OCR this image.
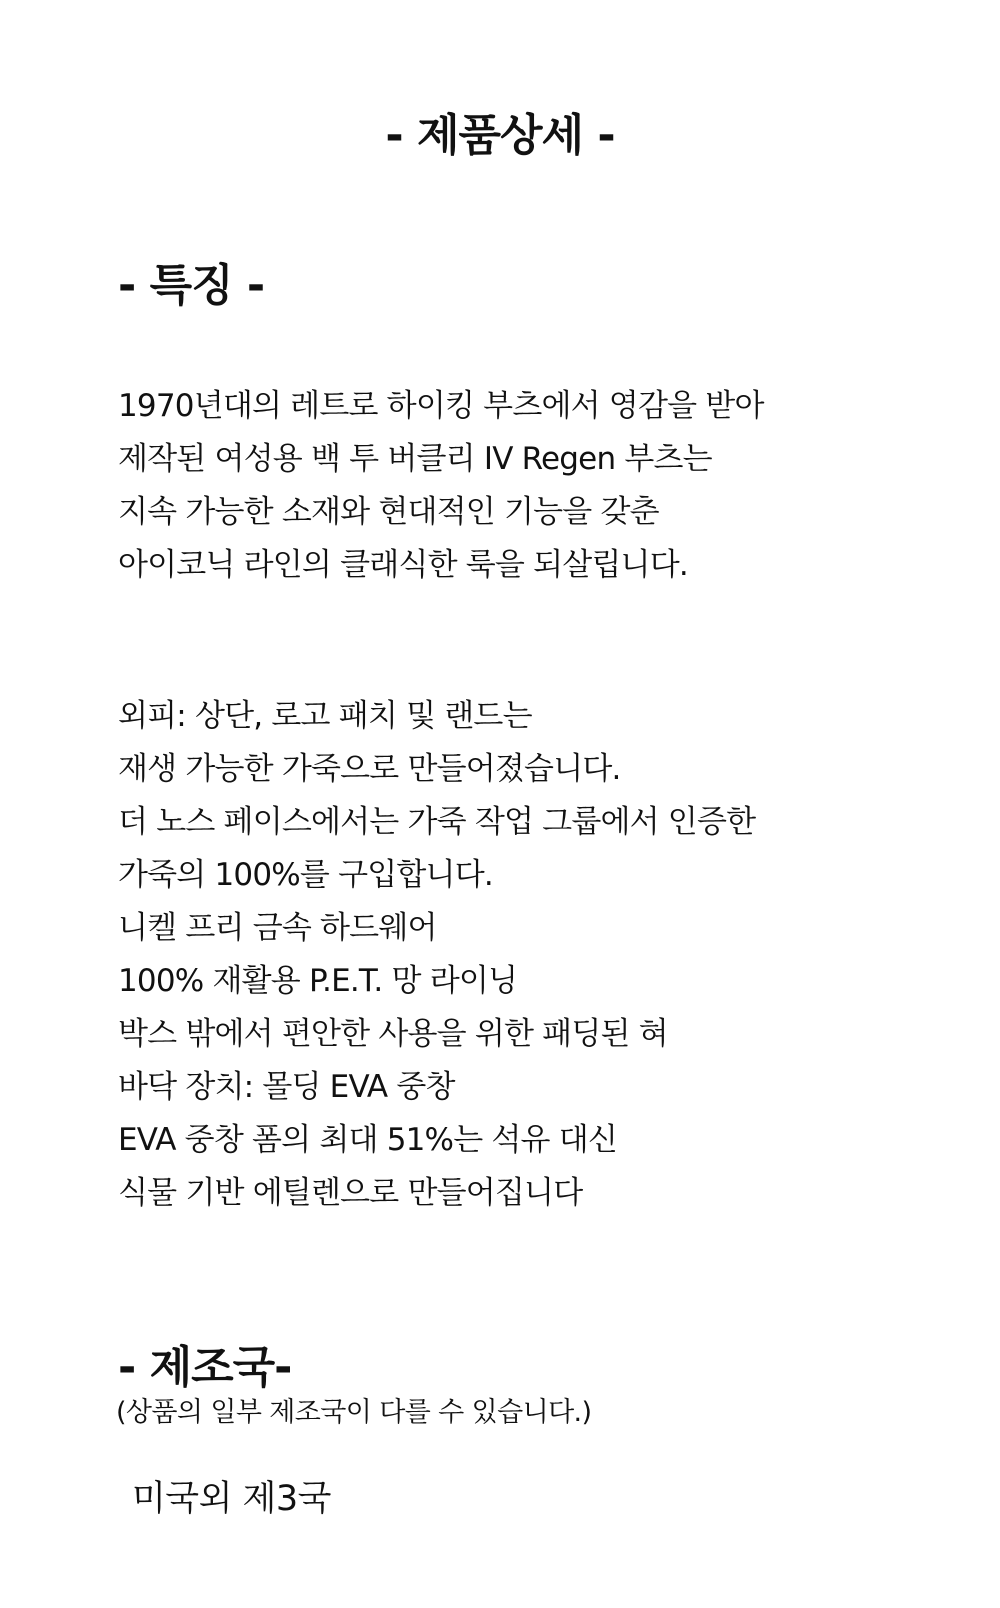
- 제품상세 -
- 특징 -
1970년대의 레트로 하이킹 부츠에서 영감을 받아
제작된 여성용 백 투 버클리 IV Regen 부츠는
지속 가능한 소재와 현대적인 기능을 갖춘
아이코닉 라인의 클래식한 룩을 되살립니다.
외피: 상단, 로고 패치 및 랜드는
재생 가능한 가죽으로 만들어졌습니다.
더 노스 페이스에서는 가죽 작업 그룹에서 인증한
가죽의 100%를 구입합니다.
니켈 프리 금속 하드웨어
100% 재활용 P.E.T. 망 라이닝
박스 밖에서 편안한 사용을 위한 패딩된 혀
바닥 장치: 몰딩 EVA 중창
EVA 중창 폼의 최대 51%는 석유 대신
식물 기반 에틸렌으로 만들어집니다
- 제조국-
(상품의 일부 제조국이 다를 수 있습니다.)
미국외 제3국
